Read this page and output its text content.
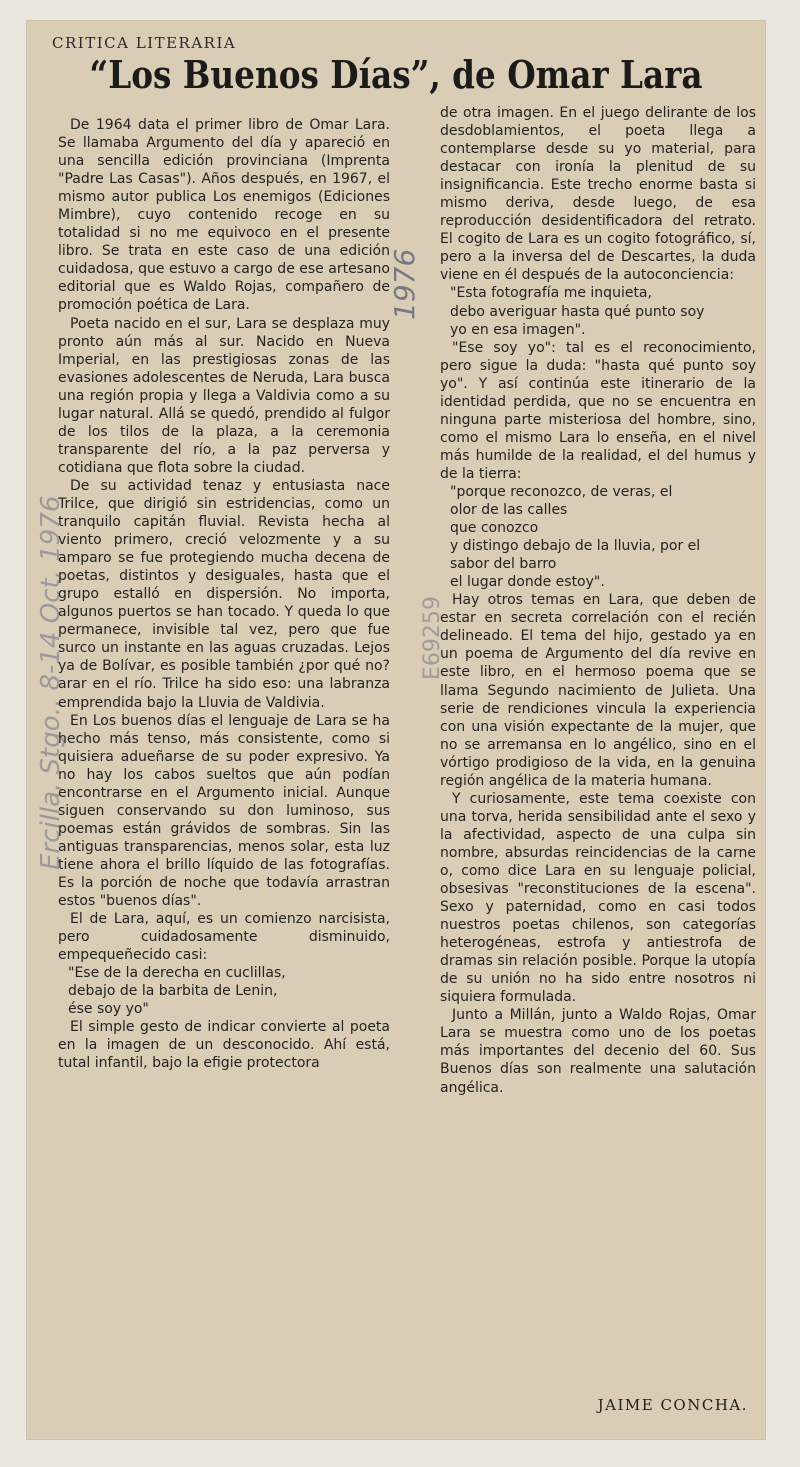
CRITICA LITERARIA
“Los Buenos Días”, de Omar Lara
Ercilla, Stgo., 8-14 Oct. 1976
1976
E69259

De 1964 data el primer libro de Omar Lara. Se llamaba Argumento del día y apareció en una sencilla edición provinciana (Imprenta "Padre Las Casas"). Años después, en 1967, el mismo autor publica Los enemigos (Ediciones Mimbre), cuyo contenido recoge en su totalidad si no me equivoco en el presente libro. Se trata en este caso de una edición cuidadosa, que estuvo a cargo de ese artesano editorial que es Waldo Rojas, compañero de promoción poética de Lara.

Poeta nacido en el sur, Lara se desplaza muy pronto aún más al sur. Nacido en Nueva Imperial, en las prestigiosas zonas de las evasiones adolescentes de Neruda, Lara busca una región propia y llega a Valdivia como a su lugar natural. Allá se quedó, prendido al fulgor de los tilos de la plaza, a la ceremonia transparente del río, a la paz perversa y cotidiana que flota sobre la ciudad.

De su actividad tenaz y entusiasta nace Trilce, que dirigió sin estridencias, como un tranquilo capitán fluvial. Revista hecha al viento primero, creció velozmente y a su amparo se fue protegiendo mucha decena de poetas, distintos y desiguales, hasta que el grupo estalló en dispersión. No importa, algunos puertos se han tocado. Y queda lo que permanece, invisible tal vez, pero que fue surco un instante en las aguas cruzadas. Lejos ya de Bolívar, es posible también ¿por qué no? arar en el río. Trilce ha sido eso: una labranza emprendida bajo la Lluvia de Valdivia.

En Los buenos días el lenguaje de Lara se ha hecho más tenso, más consistente, como si quisiera adueñarse de su poder expresivo. Ya no hay los cabos sueltos que aún podían encontrarse en el Argumento inicial. Aunque siguen conservando su don luminoso, sus poemas están grávidos de sombras. Sin las antiguas transparencias, menos solar, esta luz tiene ahora el brillo líquido de las fotografías. Es la porción de noche que todavía arrastran estos "buenos días".

El de Lara, aquí, es un comienzo narcisista, pero cuidadosamente disminuido, empequeñecido casi:

"Ese de la derecha en cuclillas,

debajo de la barbita de Lenin,

ése soy yo"

El simple gesto de indicar convierte al poeta en la imagen de un desconocido. Ahí está, tutal infantil, bajo la efigie protectora

de otra imagen. En el juego delirante de los desdoblamientos, el poeta llega a contemplarse desde su yo material, para destacar con ironía la plenitud de su insignificancia. Este trecho enorme basta si mismo deriva, desde luego, de esa reproducción desidentificadora del retrato. El cogito de Lara es un cogito fotográfico, sí, pero a la inversa del de Descartes, la duda viene en él después de la autoconciencia:

"Esta fotografía me inquieta,

debo averiguar hasta qué punto soy

yo en esa imagen".

"Ese soy yo": tal es el reconocimiento, pero sigue la duda: "hasta qué punto soy yo". Y así continúa este itinerario de la identidad perdida, que no se encuentra en ninguna parte misteriosa del hombre, sino, como el mismo Lara lo enseña, en el nivel más humilde de la realidad, el del humus y de la tierra:

"porque reconozco, de veras, el

olor de las calles

que conozco

y distingo debajo de la lluvia, por el

sabor del barro

el lugar donde estoy".

Hay otros temas en Lara, que deben de estar en secreta correlación con el recién delineado. El tema del hijo, gestado ya en un poema de Argumento del día revive en este libro, en el hermoso poema que se llama Segundo nacimiento de Julieta. Una serie de rendiciones vincula la experiencia con una visión expectante de la mujer, que no se arremansa en lo angélico, sino en el vórtigo prodigioso de la vida, en la genuina región angélica de la materia humana.

Y curiosamente, este tema coexiste con una torva, herida sensibilidad ante el sexo y la afectividad, aspecto de una culpa sin nombre, absurdas reincidencias de la carne o, como dice Lara en su lenguaje policial, obsesivas "reconstituciones de la escena". Sexo y paternidad, como en casi todos nuestros poetas chilenos, son categorías heterogéneas, estrofa y antiestrofa de dramas sin relación posible. Porque la utopía de su unión no ha sido entre nosotros ni siquiera formulada.

Junto a Millán, junto a Waldo Rojas, Omar Lara se muestra como uno de los poetas más importantes del decenio del 60. Sus Buenos días son realmente una salutación angélica.

JAIME CONCHA.
